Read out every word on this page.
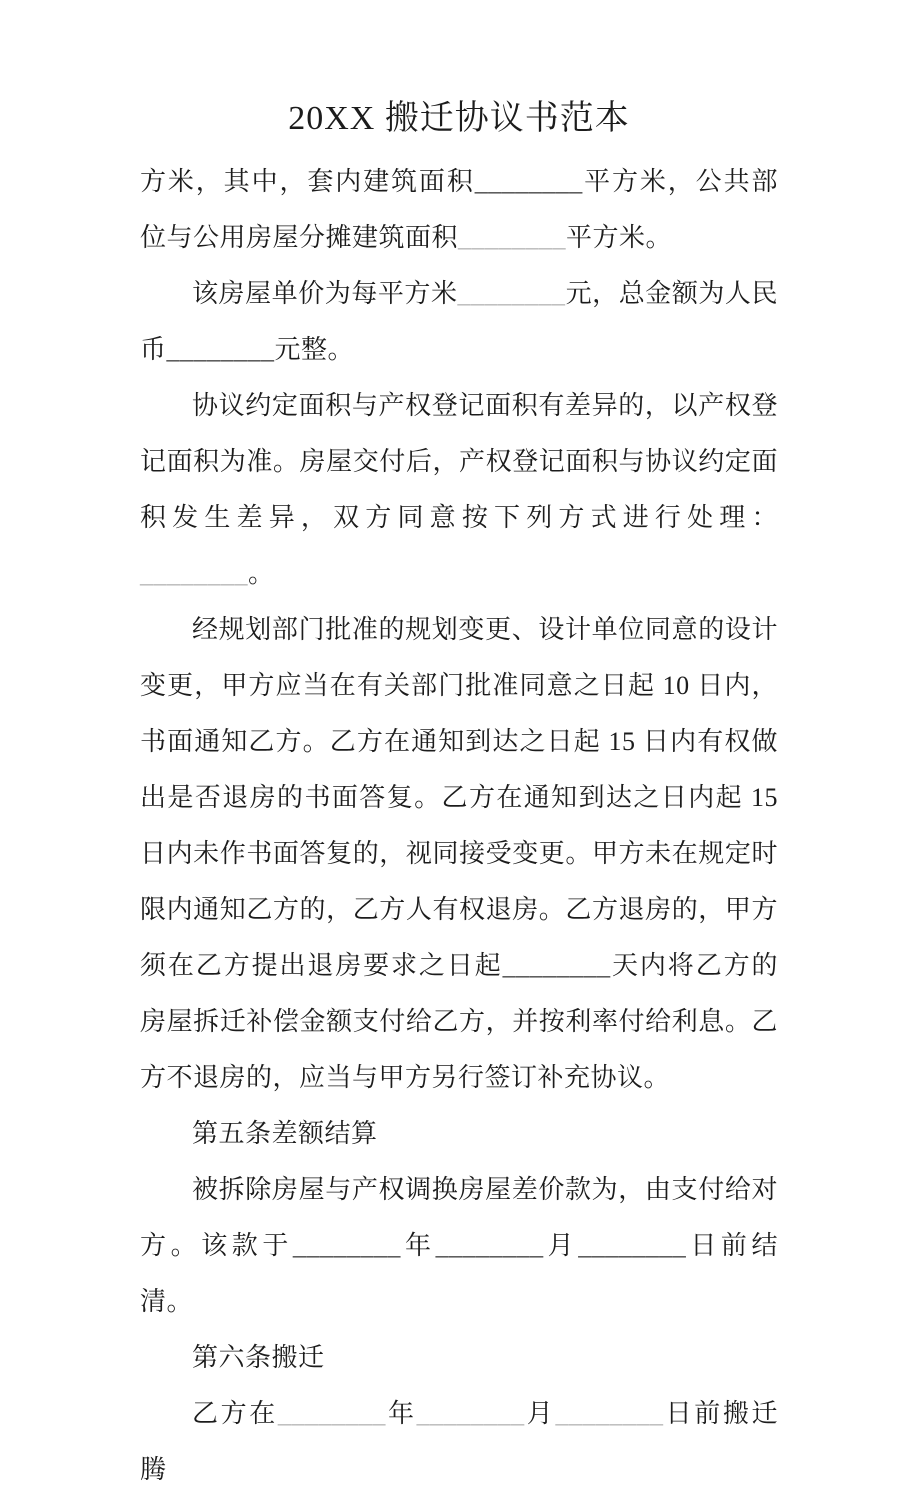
20XX 搬迁协议书范本

方米，其中，套内建筑面积________平方米，公共部位与公用房屋分摊建筑面积________平方米。

该房屋单价为每平方米________元，总金额为人民币________元整。

协议约定面积与产权登记面积有差异的，以产权登记面积为准。房屋交付后，产权登记面积与协议约定面积发生差异，双方同意按下列方式进行处理：________。

经规划部门批准的规划变更、设计单位同意的设计变更，甲方应当在有关部门批准同意之日起 10 日内，书面通知乙方。乙方在通知到达之日起 15 日内有权做出是否退房的书面答复。乙方在通知到达之日内起 15 日内未作书面答复的，视同接受变更。甲方未在规定时限内通知乙方的，乙方人有权退房。乙方退房的，甲方须在乙方提出退房要求之日起________天内将乙方的房屋拆迁补偿金额支付给乙方，并按利率付给利息。乙方不退房的，应当与甲方另行签订补充协议。

第五条差额结算

被拆除房屋与产权调换房屋差价款为，由支付给对方。该款于________年________月________日前结清。

第六条搬迁

乙方在________年________月________日前搬迁腾
